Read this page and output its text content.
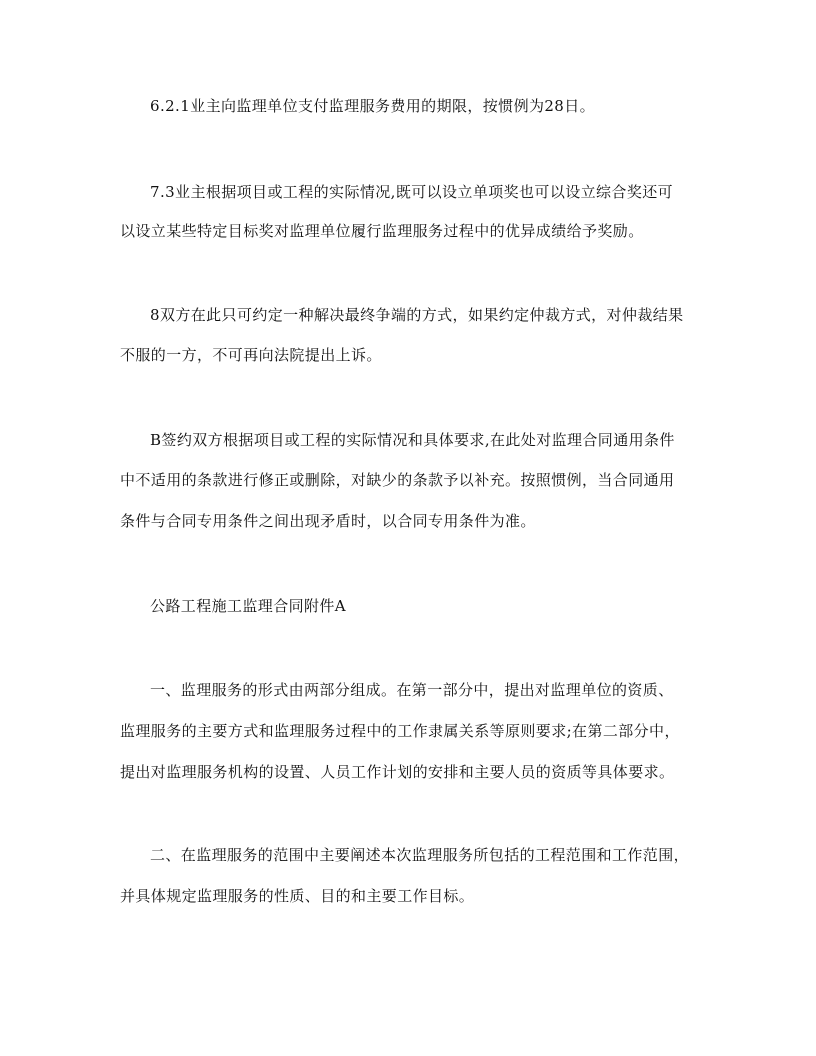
6.2.1业主向监理单位支付监理服务费用的期限，按惯例为28日。
7.3业主根据项目或工程的实际情况,既可以设立单项奖也可以设立综合奖还可
以设立某些特定目标奖对监理单位履行监理服务过程中的优异成绩给予奖励。
8双方在此只可约定一种解决最终争端的方式，如果约定仲裁方式，对仲裁结果
不服的一方，不可再向法院提出上诉。
B签约双方根据项目或工程的实际情况和具体要求,在此处对监理合同通用条件
中不适用的条款进行修正或删除，对缺少的条款予以补充。按照惯例，当合同通用
条件与合同专用条件之间出现矛盾时，以合同专用条件为准。
公路工程施工监理合同附件A
一、监理服务的形式由两部分组成。在第一部分中，提出对监理单位的资质、
监理服务的主要方式和监理服务过程中的工作隶属关系等原则要求;在第二部分中，
提出对监理服务机构的设置、人员工作计划的安排和主要人员的资质等具体要求。
二、在监理服务的范围中主要阐述本次监理服务所包括的工程范围和工作范围，
并具体规定监理服务的性质、目的和主要工作目标。
